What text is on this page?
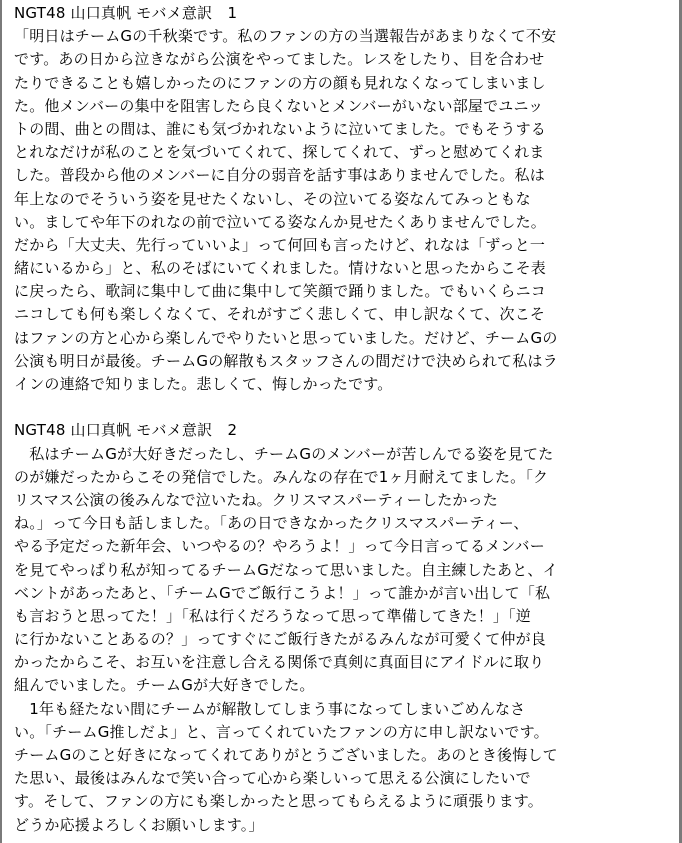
NGT48 山口真帆 モバメ意訳　1
「明日はチームGの千秋楽です。私のファンの方の当選報告があまりなくて不安
です。あの日から泣きながら公演をやってました。レスをしたり、目を合わせ
たりできることも嬉しかったのにファンの方の顔も見れなくなってしまいまし
た。他メンバーの集中を阻害したら良くないとメンバーがいない部屋でユニッ
トの間、曲との間は、誰にも気づかれないように泣いてました。でもそうする
とれなだけが私のことを気づいてくれて、探してくれて、ずっと慰めてくれま
した。普段から他のメンバーに自分の弱音を話す事はありませんでした。私は
年上なのでそういう姿を見せたくないし、その泣いてる姿なんてみっともな
い。ましてや年下のれなの前で泣いてる姿なんか見せたくありませんでした。
だから「大丈夫、先行っていいよ」って何回も言ったけど、れなは「ずっと一
緒にいるから」と、私のそばにいてくれました。情けないと思ったからこそ表
に戻ったら、歌詞に集中して曲に集中して笑顔で踊りました。でもいくらニコ
ニコしても何も楽しくなくて、それがすごく悲しくて、申し訳なくて、次こそ
はファンの方と心から楽しんでやりたいと思っていました。だけど、チームGの
公演も明日が最後。チームGの解散もスタッフさんの間だけで決められて私はラ
インの連絡で知りました。悲しくて、悔しかったです。
NGT48 山口真帆 モバメ意訳　2
　私はチームGが大好きだったし、チームGのメンバーが苦しんでる姿を見てた
のが嫌だったからこその発信でした。みんなの存在で1ヶ月耐えてました。「ク
リスマス公演の後みんなで泣いたね。クリスマスパーティーしたかった
ね。」って今日も話しました。「あの日できなかったクリスマスパーティー、
やる予定だった新年会、いつやるの？やろうよ！」って今日言ってるメンバー
を見てやっぱり私が知ってるチームGだなって思いました。自主練したあと、イ
ベントがあったあと、「チームGでご飯行こうよ！」って誰かが言い出して「私
も言おうと思ってた！」「私は行くだろうなって思って準備してきた！」「逆
に行かないことあるの？」ってすぐにご飯行きたがるみんなが可愛くて仲が良
かったからこそ、お互いを注意し合える関係で真剣に真面目にアイドルに取り
組んでいました。チームGが大好きでした。
　1年も経たない間にチームが解散してしまう事になってしまいごめんなさ
い。「チームG推しだよ」と、言ってくれていたファンの方に申し訳ないです。
チームGのこと好きになってくれてありがとうございました。あのとき後悔して
た思い、最後はみんなで笑い合って心から楽しいって思える公演にしたいで
す。そして、ファンの方にも楽しかったと思ってもらえるように頑張ります。
どうか応援よろしくお願いします。」
